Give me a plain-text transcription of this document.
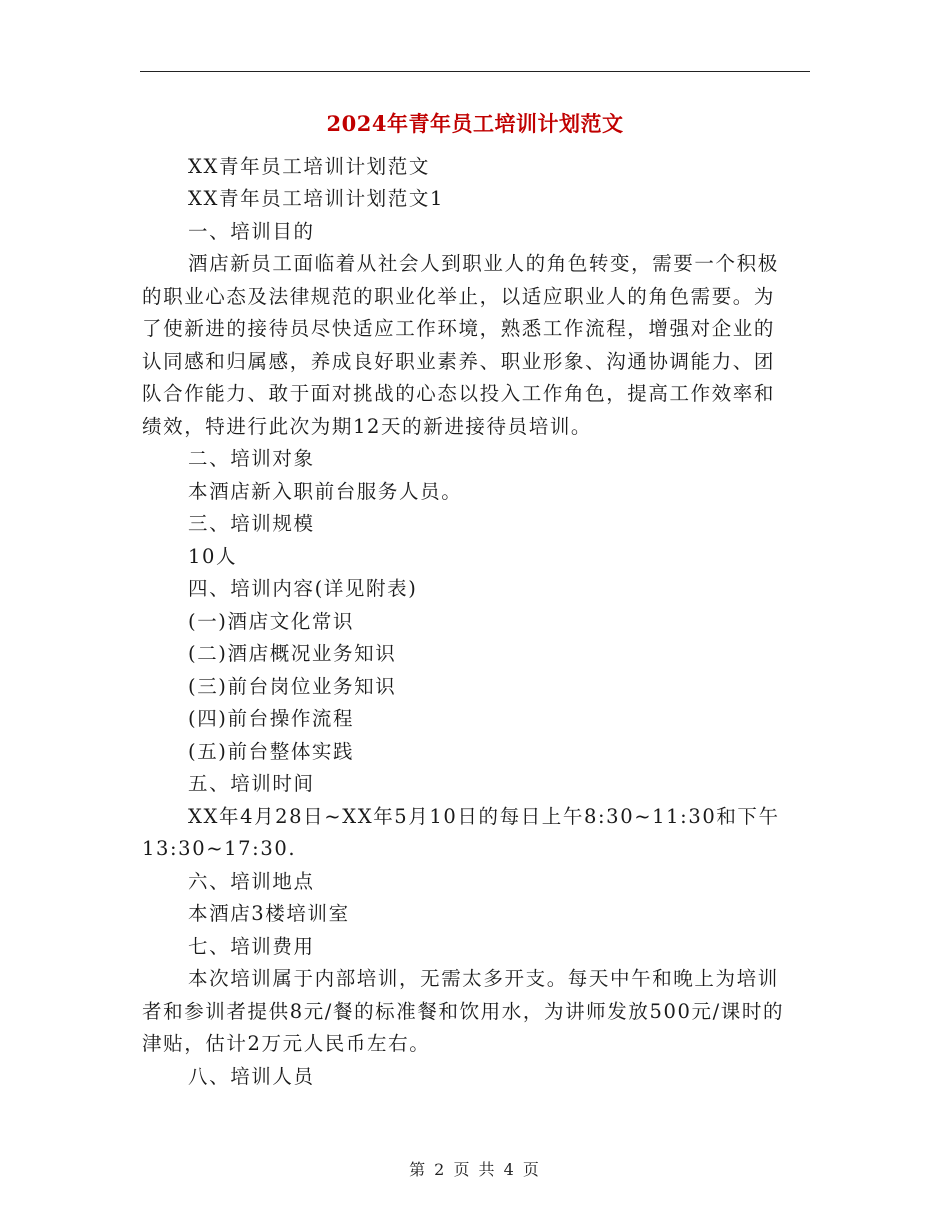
2024年青年员工培训计划范文
XX青年员工培训计划范文
XX青年员工培训计划范文1
一、培训目的
酒店新员工面临着从社会人到职业人的角色转变，需要一个积极
的职业心态及法律规范的职业化举止，以适应职业人的角色需要。为
了使新进的接待员尽快适应工作环境，熟悉工作流程，增强对企业的
认同感和归属感，养成良好职业素养、职业形象、沟通协调能力、团
队合作能力、敢于面对挑战的心态以投入工作角色，提高工作效率和
绩效，特进行此次为期12天的新进接待员培训。
二、培训对象
本酒店新入职前台服务人员。
三、培训规模
10人
四、培训内容(详见附表)
(一)酒店文化常识
(二)酒店概况业务知识
(三)前台岗位业务知识
(四)前台操作流程
(五)前台整体实践
五、培训时间
XX年4月28日~XX年5月10日的每日上午8:30~11:30和下午
13:30~17:30.
六、培训地点
本酒店3楼培训室
七、培训费用
本次培训属于内部培训，无需太多开支。每天中午和晚上为培训
者和参训者提供8元/餐的标准餐和饮用水，为讲师发放500元/课时的
津贴，估计2万元人民币左右。
八、培训人员
第 2 页 共 4 页
